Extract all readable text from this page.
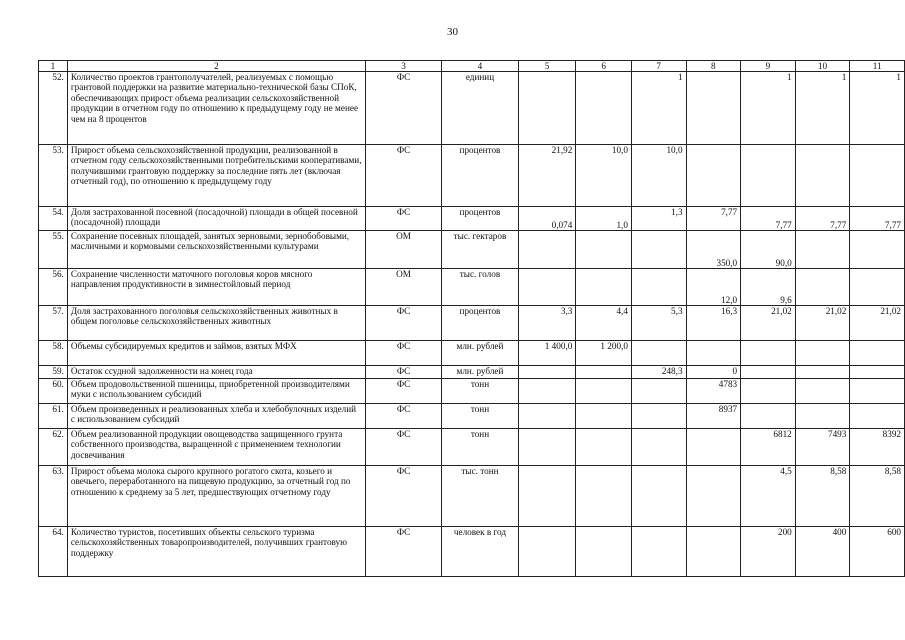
30
1	2	3	4	5	6	7	8	9	10	11
52.	Количество проектов грантополучателей, реализуемых с помощью грантовой поддержки на развитие материально-технической базы СПоК, обеспечивающих прирост объема реализации сельскохозяйственной продукции в отчетном году по отношению к предыдущему году не менее чем на 8 процентов	ФС	единиц			1		1	1	1
53.	Прирост объема сельскохозяйственной продукции, реализованной в отчетном году сельскохозяйственными потребительскими кооперативами, получившими грантовую поддержку за последние пять лет (включая отчетный год), по отношению к предыдущему году	ФС	процентов	21,92	10,0	10,0				
54.	Доля застрахованной посевной (посадочной) площади в общей посевной (посадочной) площади	ФС	процентов	0,074	1,0	1,3	7,77	7,77	7,77	7,77
55.	Сохранение посевных площадей, занятых зерновыми, зернобобовыми, масличными и кормовыми сельскохозяйственными культурами	ОМ	тыс. гектаров				350,0	90,0		
56.	Сохранение численности маточного поголовья коров мясного направления продуктивности в зимнестойловый период	ОМ	тыс. голов				12,0	9,6		
57.	Доля застрахованного поголовья сельскохозяйственных животных в общем поголовье сельскохозяйственных животных	ФС	процентов	3,3	4,4	5,3	16,3	21,02	21,02	21,02
58.	Объемы субсидируемых кредитов и займов, взятых МФХ	ФС	млн. рублей	1 400,0	1 200,0					
59.	Остаток ссудной задолженности на конец года	ФС	млн. рублей			248,3	0			
60.	Объем продовольственной пшеницы, приобретенной производителями муки с использованием субсидий	ФС	тонн				4783			
61.	Объем произведенных и реализованных хлеба и хлебобулочных изделий с использованием субсидий	ФС	тонн				8937			
62.	Объем реализованной продукции овощеводства защищенного грунта собственного производства, выращенной с применением технологии досвечивания	ФС	тонн					6812	7493	8392
63.	Прирост объема молока сырого крупного рогатого скота, козьего и овечьего, переработанного на пищевую продукцию, за отчетный год по отношению к среднему за 5 лет, предшествующих отчетному году	ФС	тыс. тонн					4,5	8,58	8,58
64.	Количество туристов, посетивших объекты сельского туризма сельскохозяйственных товаропроизводителей, получивших грантовую поддержку	ФС	человек в год					200	400	600
